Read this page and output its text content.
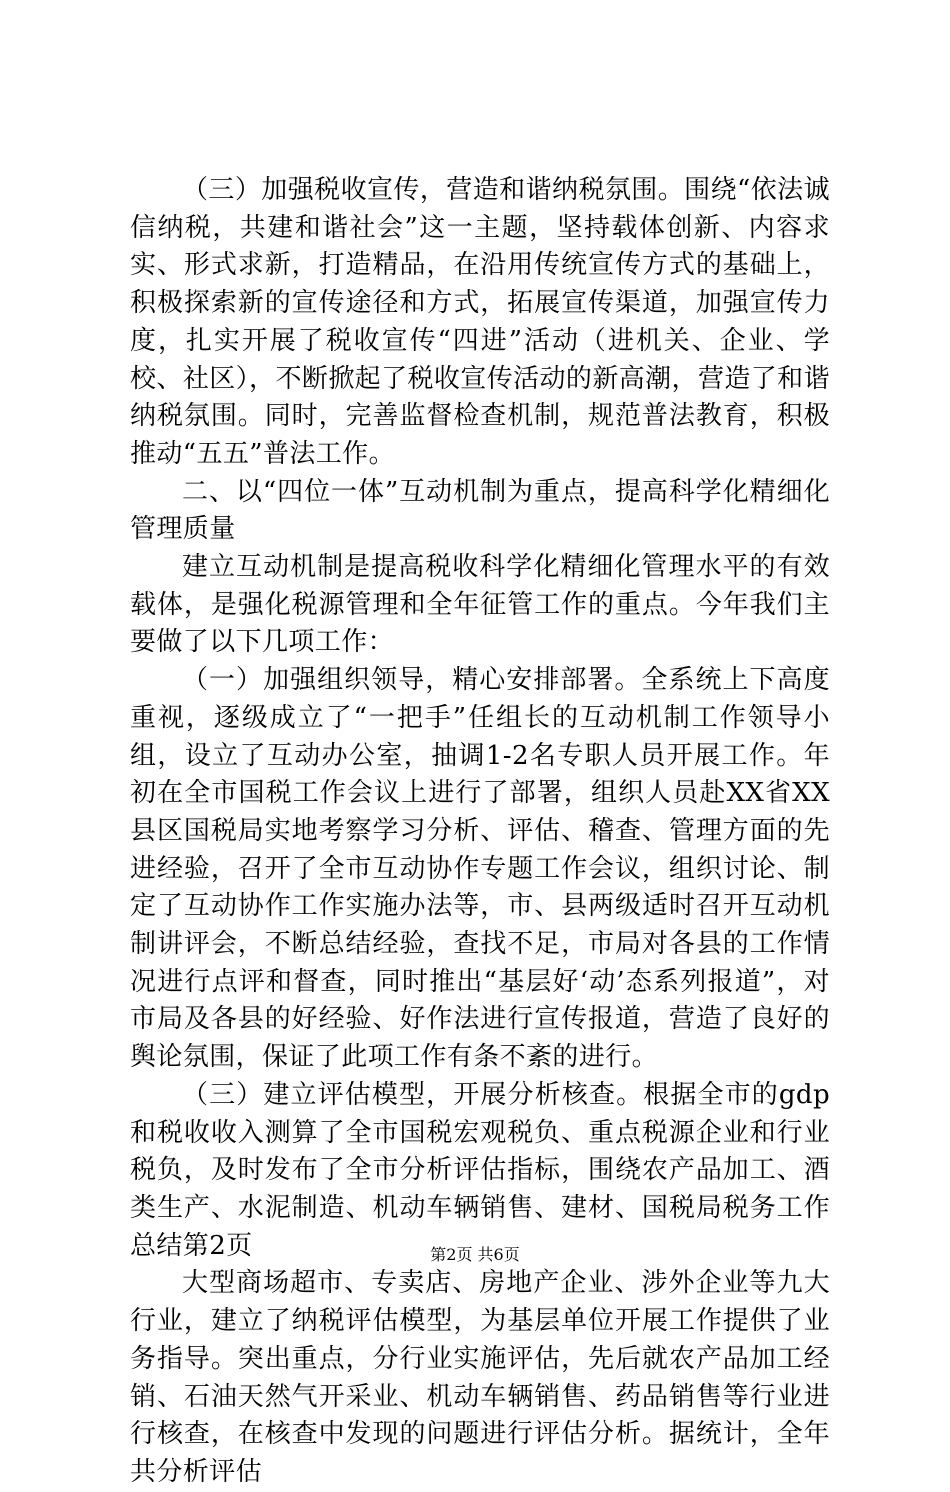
（三）加强税收宣传，营造和谐纳税氛围。围绕“依法诚信纳税，共建和谐社会”这一主题，坚持载体创新、内容求实、形式求新，打造精品，在沿用传统宣传方式的基础上，积极探索新的宣传途径和方式，拓展宣传渠道，加强宣传力度，扎实开展了税收宣传“四进”活动（进机关、企业、学校、社区），不断掀起了税收宣传活动的新高潮，营造了和谐纳税氛围。同时，完善监督检查机制，规范普法教育，积极推动“五五”普法工作。

二、以“四位一体”互动机制为重点，提高科学化精细化管理质量

建立互动机制是提高税收科学化精细化管理水平的有效载体，是强化税源管理和全年征管工作的重点。今年我们主要做了以下几项工作：

（一）加强组织领导，精心安排部署。全系统上下高度重视，逐级成立了“一把手”任组长的互动机制工作领导小组，设立了互动办公室，抽调1-2名专职人员开展工作。年初在全市国税工作会议上进行了部署，组织人员赴XX省XX县区国税局实地考察学习分析、评估、稽查、管理方面的先进经验，召开了全市互动协作专题工作会议，组织讨论、制定了互动协作工作实施办法等，市、县两级适时召开互动机制讲评会，不断总结经验，查找不足，市局对各县的工作情况进行点评和督查，同时推出“基层好‘动’态系列报道”，对市局及各县的好经验、好作法进行宣传报道，营造了良好的舆论氛围，保证了此项工作有条不紊的进行。

（三）建立评估模型，开展分析核查。根据全市的gdp和税收收入测算了全市国税宏观税负、重点税源企业和行业税负，及时发布了全市分析评估指标，围绕农产品加工、酒类生产、水泥制造、机动车辆销售、建材、国税局税务工作总结第2页

大型商场超市、专卖店、房地产企业、涉外企业等九大行业，建立了纳税评估模型，为基层单位开展工作提供了业务指导。突出重点，分行业实施评估，先后就农产品加工经销、石油天然气开采业、机动车辆销售、药品销售等行业进行核查，在核查中发现的问题进行评估分析。据统计，全年共分析评估

第2页 共6页
